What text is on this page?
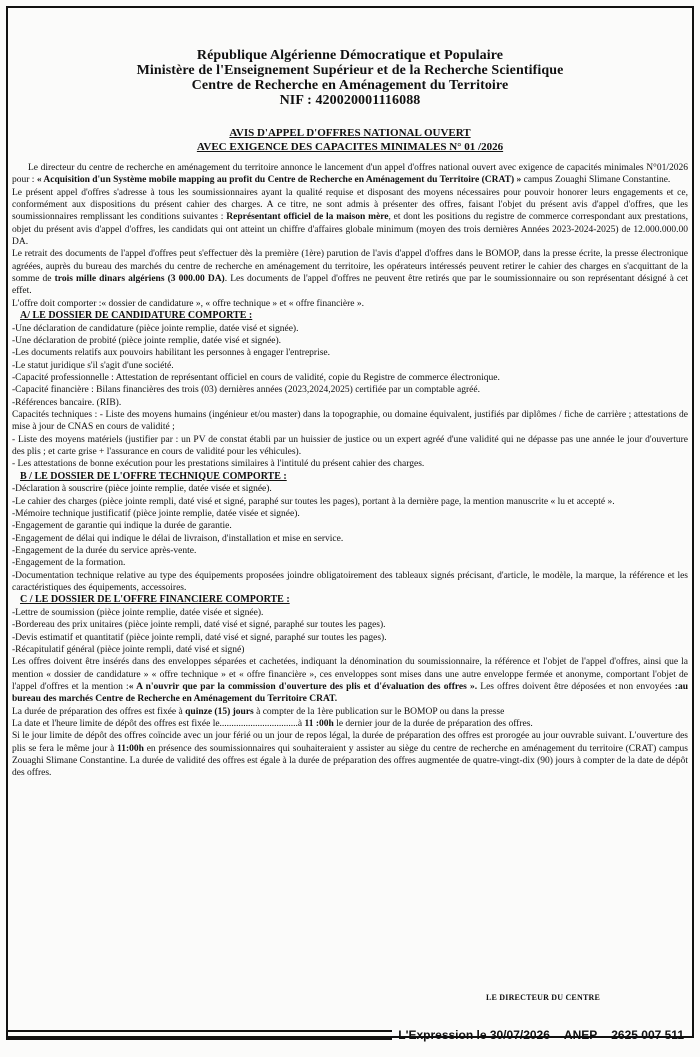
République Algérienne Démocratique et Populaire
Ministère de l'Enseignement Supérieur et de la Recherche Scientifique
Centre de Recherche en Aménagement du Territoire
NIF : 420020001116088
AVIS D'APPEL D'OFFRES NATIONAL OUVERT
AVEC EXIGENCE DES CAPACITES MINIMALES N° 01 /2026

Le directeur du centre de recherche en aménagement du territoire annonce le lancement d'un appel d'offres national ouvert avec exigence de capacités minimales N°01/2026 pour : « Acquisition d'un Système mobile mapping au profit du Centre de Recherche en Aménagement du Territoire (CRAT) » campus Zouaghi Slimane Constantine.

Le présent appel d'offres s'adresse à tous les soumissionnaires ayant la qualité requise et disposant des moyens nécessaires pour pouvoir honorer leurs engagements et ce, conformément aux dispositions du présent cahier des charges. A ce titre, ne sont admis à présenter des offres, faisant l'objet du présent avis d'appel d'offres, que les soumissionnaires remplissant les conditions suivantes : Représentant officiel de la maison mère, et dont les positions du registre de commerce correspondant aux prestations, objet du présent avis d'appel d'offres, les candidats qui ont atteint un chiffre d'affaires globale minimum (moyen des trois dernières Années 2023-2024-2025) de 12.000.000.00 DA.

Le retrait des documents de l'appel d'offres peut s'effectuer dès la première (1ère) parution de l'avis d'appel d'offres dans le BOMOP, dans la presse écrite, la presse électronique agréées, auprès du bureau des marchés du centre de recherche en aménagement du territoire, les opérateurs intéressés peuvent retirer le cahier des charges en s'acquittant de la somme de trois mille dinars algériens (3 000.00 DA). Les documents de l'appel d'offres ne peuvent être retirés que par le soumissionnaire ou son représentant désigné à cet effet.

L'offre doit comporter :« dossier de candidature », « offre technique » et « offre financière ».

A/ LE DOSSIER DE CANDIDATURE COMPORTE :

-Une déclaration de candidature (pièce jointe remplie, datée visé et signée).

-Une déclaration de probité (pièce jointe remplie, datée visé et signée).

-Les documents relatifs aux pouvoirs habilitant les personnes à engager l'entreprise.

-Le statut juridique s'il s'agit d'une société.

-Capacité professionnelle : Attestation de représentant officiel en cours de validité, copie du Registre de commerce électronique.

-Capacité financière : Bilans financières des trois (03) dernières années (2023,2024,2025) certifiée par un comptable agréé.

-Références bancaire. (RIB).

Capacités techniques : - Liste des moyens humains (ingénieur et/ou master) dans la topographie, ou domaine équivalent, justifiés par diplômes / fiche de carrière ; attestations de mise à jour de CNAS en cours de validité ;

- Liste des moyens matériels (justifier par : un PV de constat établi par un huissier de justice ou un expert agréé d'une validité qui ne dépasse pas une année le jour d'ouverture des plis ; et carte grise + l'assurance en cours de validité pour les véhicules).

- Les attestations de bonne exécution pour les prestations similaires à l'intitulé du présent cahier des charges.

B / LE DOSSIER DE L'OFFRE TECHNIQUE COMPORTE :

-Déclaration à souscrire (pièce jointe remplie, datée visée et signée).

-Le cahier des charges (pièce jointe rempli, daté visé et signé, paraphé sur toutes les pages), portant à la dernière page, la mention manuscrite « lu et accepté ».

-Mémoire technique justificatif (pièce jointe remplie, datée visée et signée).

-Engagement de garantie qui indique la durée de garantie.

-Engagement de délai qui indique le délai de livraison, d'installation et mise en service.

-Engagement de la durée du service après-vente.

-Engagement de la formation.

-Documentation technique relative au type des équipements proposées joindre obligatoirement des tableaux signés précisant, d'article, le modèle, la marque, la référence et les caractéristiques des équipements, accessoires.

C / LE DOSSIER DE L'OFFRE FINANCIERE COMPORTE :

-Lettre de soumission (pièce jointe remplie, datée visée et signée).

-Bordereau des prix unitaires (pièce jointe rempli, daté visé et signé, paraphé sur toutes les pages).

-Devis estimatif et quantitatif (pièce jointe rempli, daté visé et signé, paraphé sur toutes les pages).

-Récapitulatif général (pièce jointe rempli, daté visé et signé)

Les offres doivent être insérés dans des enveloppes séparées et cachetées, indiquant la dénomination du soumissionnaire, la référence et l'objet de l'appel d'offres, ainsi que la mention « dossier de candidature » « offre technique » et « offre financière », ces enveloppes sont mises dans une autre enveloppe fermée et anonyme, comportant l'objet de l'appel d'offres et la mention :« A n'ouvrir que par la commission d'ouverture des plis et d'évaluation des offres ». Les offres doivent être déposées et non envoyées :au bureau des marchés Centre de Recherche en Aménagement du Territoire CRAT.

La durée de préparation des offres est fixée à quinze (15) jours à compter de la 1ère publication sur le BOMOP ou dans la presse

La date et l'heure limite de dépôt des offres est fixée le.................................à 11 :00h le dernier jour de la durée de préparation des offres.

Si le jour limite de dépôt des offres coïncide avec un jour férié ou un jour de repos légal, la durée de préparation des offres est prorogée au jour ouvrable suivant. L'ouverture des plis se fera le même jour à 11:00h en présence des soumissionnaires qui souhaiteraient y assister au siège du centre de recherche en aménagement du territoire (CRAT) campus Zouaghi Slimane Constantine. La durée de validité des offres est égale à la durée de préparation des offres augmentée de quatre-vingt-dix (90) jours à compter de la date de dépôt des offres.

LE DIRECTEUR DU CENTRE
L'Expression le 30/07/2026 ANEP 2625 007 511
